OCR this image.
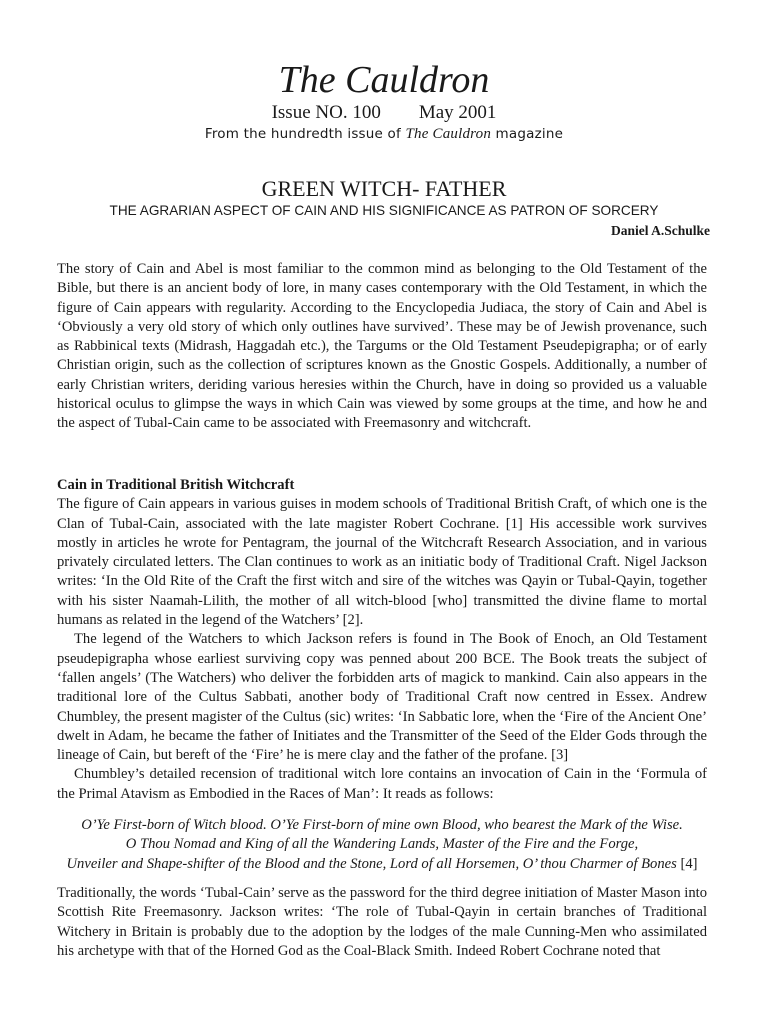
The Cauldron
Issue NO. 100 May 2001
From the hundredth issue of The Cauldron magazine
GREEN WITCH- FATHER
THE AGRARIAN ASPECT OF CAIN AND HIS SIGNIFICANCE AS PATRON OF SORCERY
Daniel A.Schulke

The story of Cain and Abel is most familiar to the common mind as belonging to the Old Testament of the Bible, but there is an ancient body of lore, in many cases contemporary with the Old Testament, in which the figure of Cain appears with regularity. According to the Encyclopedia Judiaca, the story of Cain and Abel is ‘Obviously a very old story of which only outlines have survived’. These may be of Jewish provenance, such as Rabbinical texts (Midrash, Haggadah etc.), the Targums or the Old Testament Pseudepigrapha; or of early Christian origin, such as the collection of scriptures known as the Gnostic Gospels. Additionally, a number of early Christian writers, deriding various heresies within the Church, have in doing so provided us a valuable historical oculus to glimpse the ways in which Cain was viewed by some groups at the time, and how he and the aspect of Tubal-Cain came to be associated with Freemasonry and witchcraft.

Cain in Traditional British Witchcraft

The figure of Cain appears in various guises in modem schools of Traditional British Craft, of which one is the Clan of Tubal-Cain, associated with the late magister Robert Cochrane. [1] His accessible work survives mostly in articles he wrote for Pentagram, the journal of the Witchcraft Research Association, and in various privately circulated letters. The Clan continues to work as an initiatic body of Traditional Craft. Nigel Jackson writes: ‘In the Old Rite of the Craft the first witch and sire of the witches was Qayin or Tubal-Qayin, together with his sister Naamah-Lilith, the mother of all witch-blood [who] transmitted the divine flame to mortal humans as related in the legend of the Watchers’ [2].

The legend of the Watchers to which Jackson refers is found in The Book of Enoch, an Old Testament pseudepigrapha whose earliest surviving copy was penned about 200 BCE. The Book treats the subject of ‘fallen angels’ (The Watchers) who deliver the forbidden arts of magick to mankind. Cain also appears in the traditional lore of the Cultus Sabbati, another body of Traditional Craft now centred in Essex. Andrew Chumbley, the present magister of the Cultus (sic) writes: ‘In Sabbatic lore, when the ‘Fire of the Ancient One’ dwelt in Adam, he became the father of Initiates and the Transmitter of the Seed of the Elder Gods through the lineage of Cain, but bereft of the ‘Fire’ he is mere clay and the father of the profane. [3]

Chumbley’s detailed recension of traditional witch lore contains an invocation of Cain in the ‘Formula of the Primal Atavism as Embodied in the Races of Man’: It reads as follows:

O’Ye First-born of Witch blood. O’Ye First-born of mine own Blood, who bearest the Mark of the Wise.
O Thou Nomad and King of all the Wandering Lands, Master of the Fire and the Forge,
Unveiler and Shape-shifter of the Blood and the Stone, Lord of all Horsemen, O’ thou Charmer of Bones [4]

Traditionally, the words ‘Tubal-Cain’ serve as the password for the third degree initiation of Master Mason into Scottish Rite Freemasonry. Jackson writes: ‘The role of Tubal-Qayin in certain branches of Traditional Witchery in Britain is probably due to the adoption by the lodges of the male Cunning-Men who assimilated his archetype with that of the Horned God as the Coal-Black Smith. Indeed Robert Cochrane noted that
